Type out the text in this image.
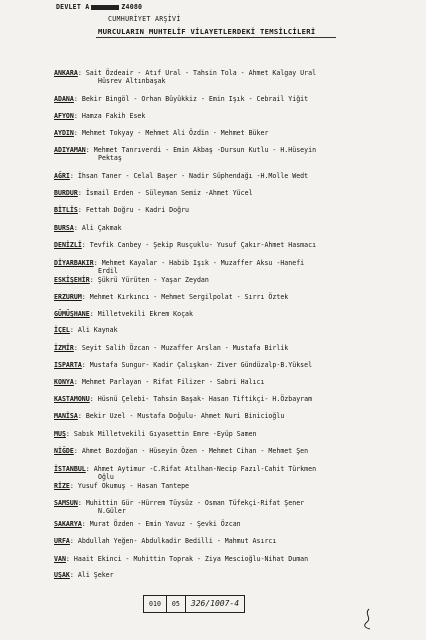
DEVLET A	Z4080
CUMHURİYET ARŞİVİ
MURCULARIN MUHTELİF VİLAYETLERDEKİ TEMSİLCİLERİ
ANKARA: Sait Özdeair - Atıf Ural - Tahsin Tola - Ahmet Kalgay Ural
Hüsrev Altınbaşak
ADANA: Bekir Bingöl - Orhan Büyükkiz - Emin Işık - Cebrail Yiğit
AFYON: Hamza Fakih Esek
AYDIN: Mehmet Tokyay - Mehmet Ali Özdin - Mehmet Büker
ADIYAMAN: Mehmet Tanrıverdi - Emin Akbaş -Dursun Kutlu - H.Hüseyin
Pektaş
AĞRI: İhsan Taner - Celal Başer - Nadir Süphendağı -H.Molle Wedt
BURDUR: İsmail Erden - Süleyman Semiz -Ahmet Yücel
BİTLİS: Fettah Doğru - Kadri Doğru
BURSA: Ali Çakmak
DENİZLİ: Tevfik Canbey - Şekip Rusçuklu- Yusuf Çakır-Ahmet Hasmacı
DİYARBAKIR: Mehmet Kayalar - Habib Işık - Muzaffer Aksu -Hanefi
Erdil
ESKİŞEHİR: Şükrü Yürüten - Yaşar Zeydan
ERZURUM: Mehmet Kırkıncı - Mehmet Sergilpolat - Sırrı Öztek
GÜMÜŞHANE: Milletvekili Ekrem Koçak
İÇEL: Ali Kaynak
İZMİR: Seyit Salih Özcan - Muzaffer Arslan - Mustafa Birlik
ISPARTA: Mustafa Sungur- Kadir Çalışkan- Ziver Gündüzalp-B.Yüksel
KONYA: Mehmet Parlayan - Rifat Filizer - Sabri Halıcı
KASTAMONU: Hüsnü Çelebi- Tahsin Başak- Hasan Tiftikçi- H.Özbayram
MANİSA: Bekir Uzel - Mustafa Doğulu- Ahmet Nuri Binicioğlu
MUŞ: Sabık Milletvekili Gıyasettin Emre -Eyüp Samen
NİĞDE: Ahmet Bozdoğan - Hüseyin Özen - Mehmet Cihan - Mehmet Şen
İSTANBUL: Ahmet Aytimur -C.Rifat Atılhan-Necip Fazıl-Cahit Türkmen
Oğlu
RİZE: Yusuf Okumuş - Hasan Tantepe
SAMSUN: Muhittin Gür -Hürrem Tüysüz - Osman Tüfekçi-Rifat Şener
N.Güler
SAKARYA: Murat Özden - Emin Yavuz - Şevki Özcan
URFA: Abdullah Yeğen- Abdulkadir Bedilli - Mahmut Asırcı
VAN: Haait Ekinci - Muhittin Toprak - Ziya Mescioğlu-Nihat Duman
UŞAK: Ali Şeker
010	05	326/1007-4
